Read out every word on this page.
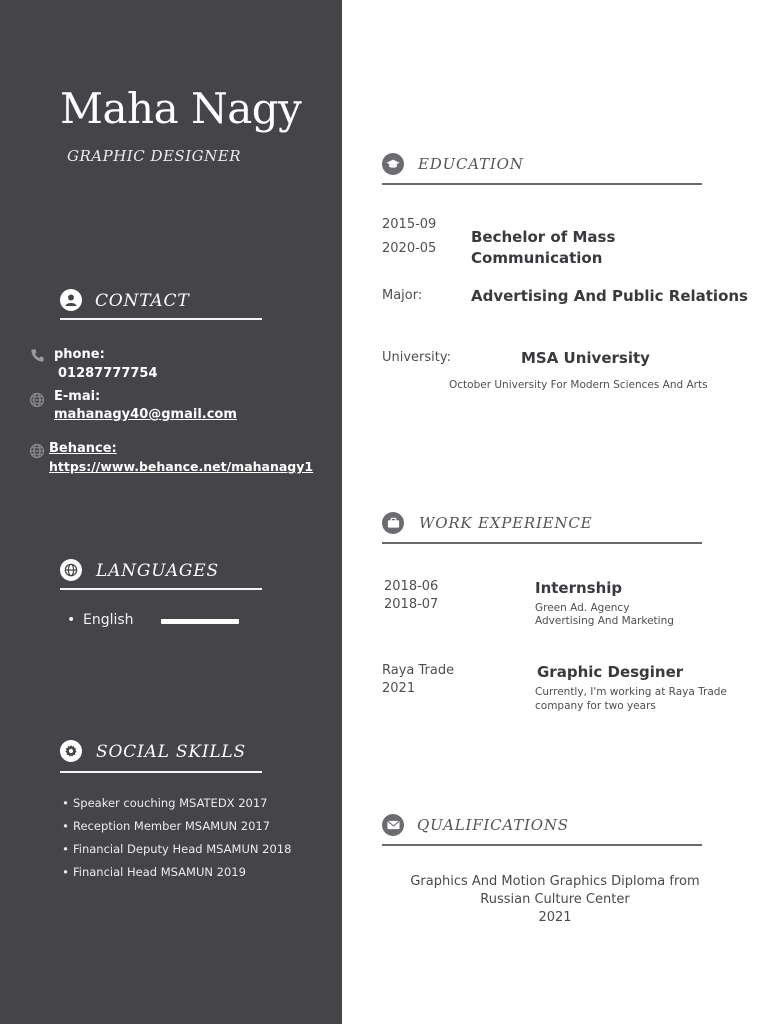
Maha Nagy
GRAPHIC DESIGNER
CONTACT
phone:
01287777754
E-mai:
mahanagy40@gmail.com
Behance:
https://www.behance.net/mahanagy1
LANGUAGES
• English
SOCIAL SKILLS
• Speaker couching MSATEDX 2017
• Reception Member MSAMUN 2017
• Financial Deputy Head MSAMUN 2018
• Financial Head MSAMUN 2019
EDUCATION
2015-09
2020-05
Bechelor of Mass
Communication
Major:	Advertising And Public Relations
University:	MSA University
October University For Modern Sciences And Arts
WORK EXPERIENCE
2018-06
2018-07
Internship
Green Ad. Agency
Advertising And Marketing
Raya Trade
2021
Graphic Desginer
Currently, I'm working at Raya Trade
company for two years
QUALIFICATIONS
Graphics And Motion Graphics Diploma from
Russian Culture Center
2021
